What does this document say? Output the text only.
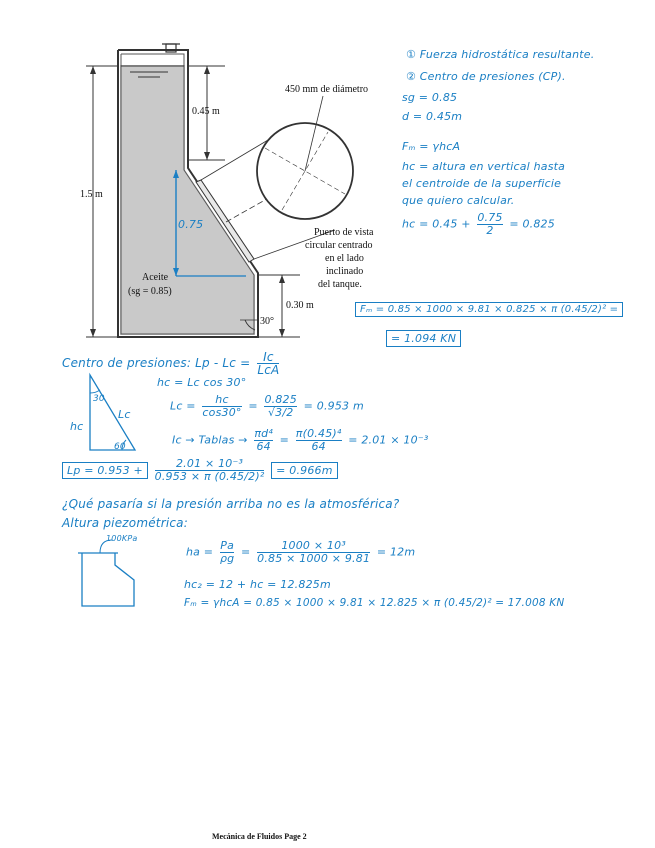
450 mm de diámetro
0.45 m
1.5 m
0.75
Puerto de vista
circular centrado
en el lado
inclinado
del tanque.
Aceite
(sg = 0.85)
0.30 m
30°
① Fuerza hidrostática resultante.
② Centro de presiones (CP).
sg = 0.85
d = 0.45m
Fₘ = γhᴄA
hc = altura en vertical hasta
el centroide de la superficie
que quiero calcular.
hc = $0.45 + \frac{0.75}{2} = 0.825$
Fₘ = 0.85 × 1000 × 9.81 × 0.825 × π (0.45/2)² =
= 1.094 KN
Centro de presiones: $Lp - Lc = \frac{Ic}{\text{LcA}}$
hc = Lc cos 30°
30
Lc
hc
60
$Lc = \frac{hc}{\cos 30^\circ} = \frac{0.825}{√3/2} = 0.953$ m
Ic → Tablas → $\frac{\text{πd⁴}}{64} = \frac{\text{π(0.45)⁴}}{64} = 2.01 \times 10^{-3}$
$Lp = 0.953 + \frac{\text{2.01 × 10⁻³}}{\text{0.953 × π (0.45/2)²}} = 0.966m$
¿Qué pasaría si la presión arriba no es la atmosférica?
Altura piezométrica:
100KPa
ha = $\frac{Pa}{\rho g} = \frac{\text{1000 × 10³}}{0.85 \times 1000 \times 9.81} = 12m$
hc₂ = 12 + hc = 12.825m
Fₘ = γhcA = 0.85 × 1000 × 9.81 × 12.825 × π (0.45/2)² = 17.008 KN
Mecánica de Fluidos Page 2
